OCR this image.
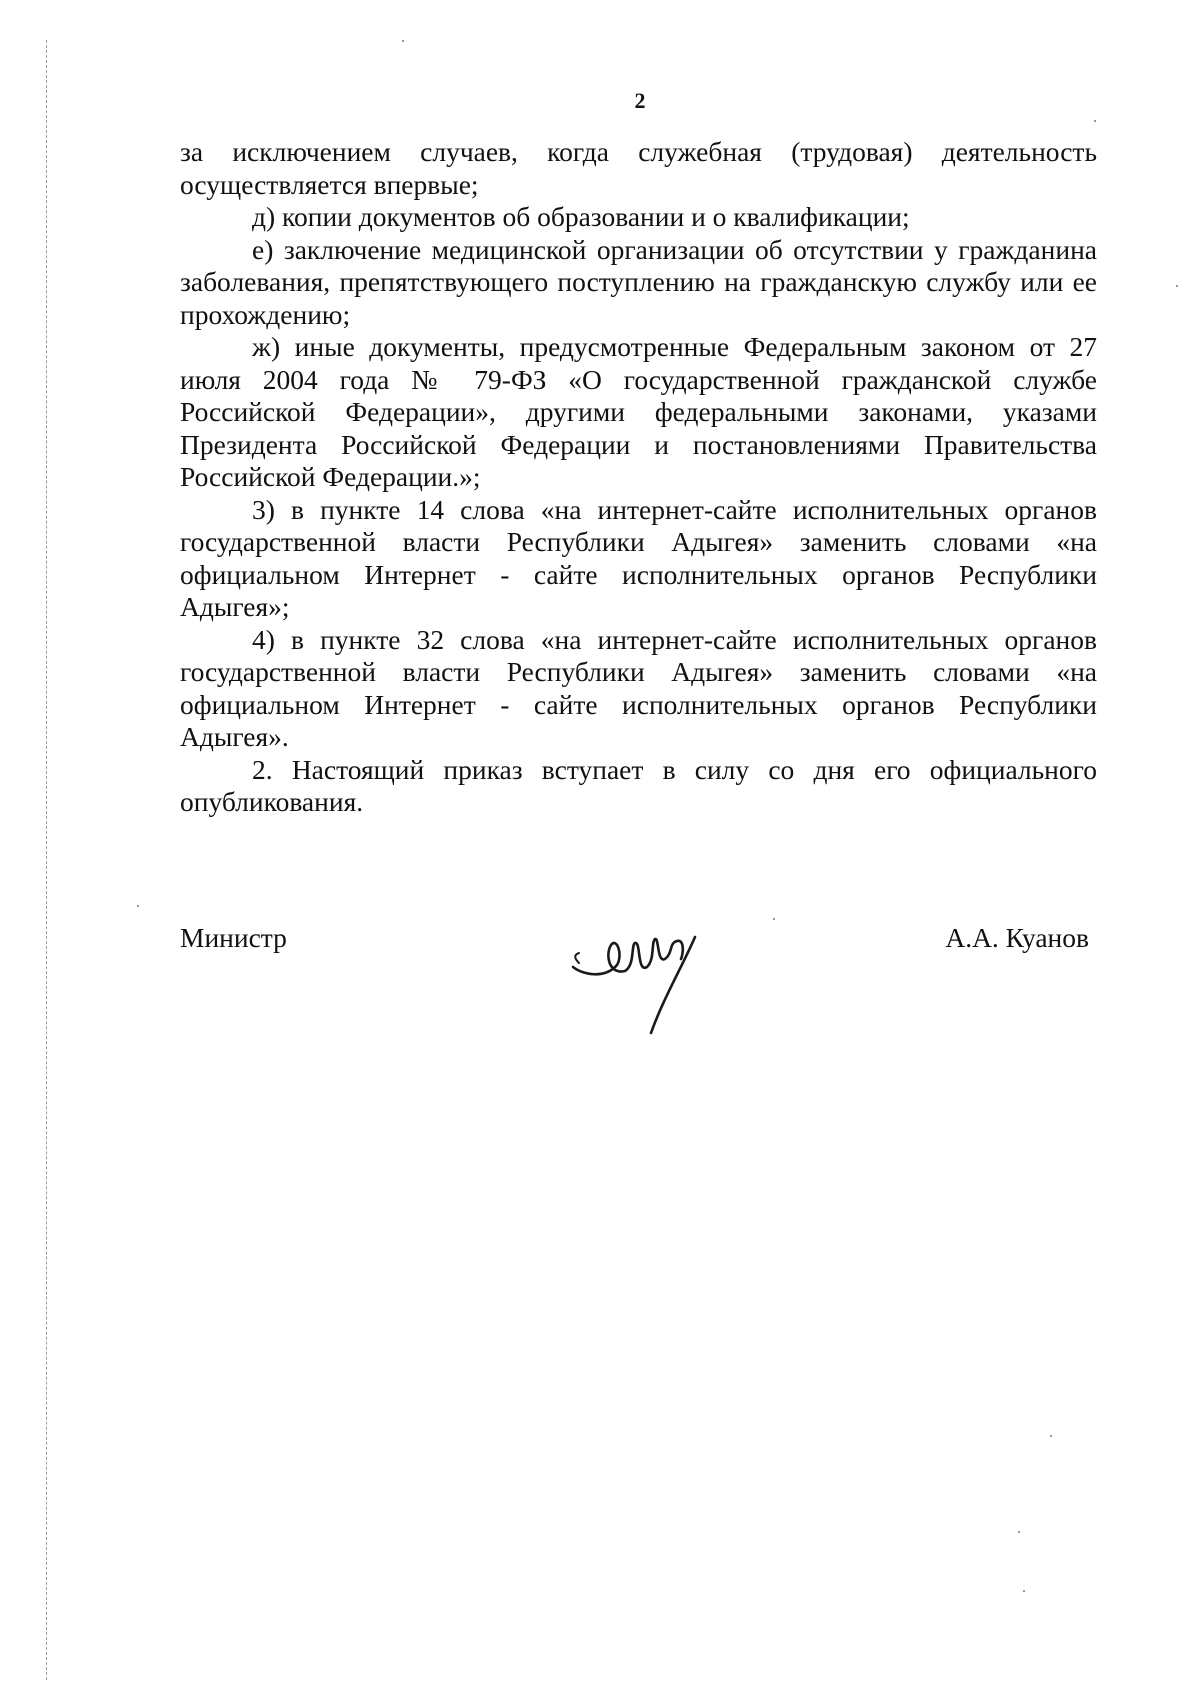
2

за исключением случаев, когда служебная (трудовая) деятельность осуществляется впервые;

д) копии документов об образовании и о квалификации;

е) заключение медицинской организации об отсутствии у гражданина заболевания, препятствующего поступлению на гражданскую службу или ее прохождению;

ж) иные документы, предусмотренные Федеральным законом от 27 июля 2004 года № 79-ФЗ «О государственной гражданской службе Российской Федерации», другими федеральными законами, указами Президента Российской Федерации и постановлениями Правительства Российской Федерации.»;

3) в пункте 14 слова «на интернет-сайте исполнительных органов государственной власти Республики Адыгея» заменить словами «на официальном Интернет - сайте исполнительных органов Республики Адыгея»;

4) в пункте 32 слова «на интернет-сайте исполнительных органов государственной власти Республики Адыгея» заменить словами «на официальном Интернет - сайте исполнительных органов Республики Адыгея».

2. Настоящий приказ вступает в силу со дня его официального опубликования.

Министр	А.А. Куанов
